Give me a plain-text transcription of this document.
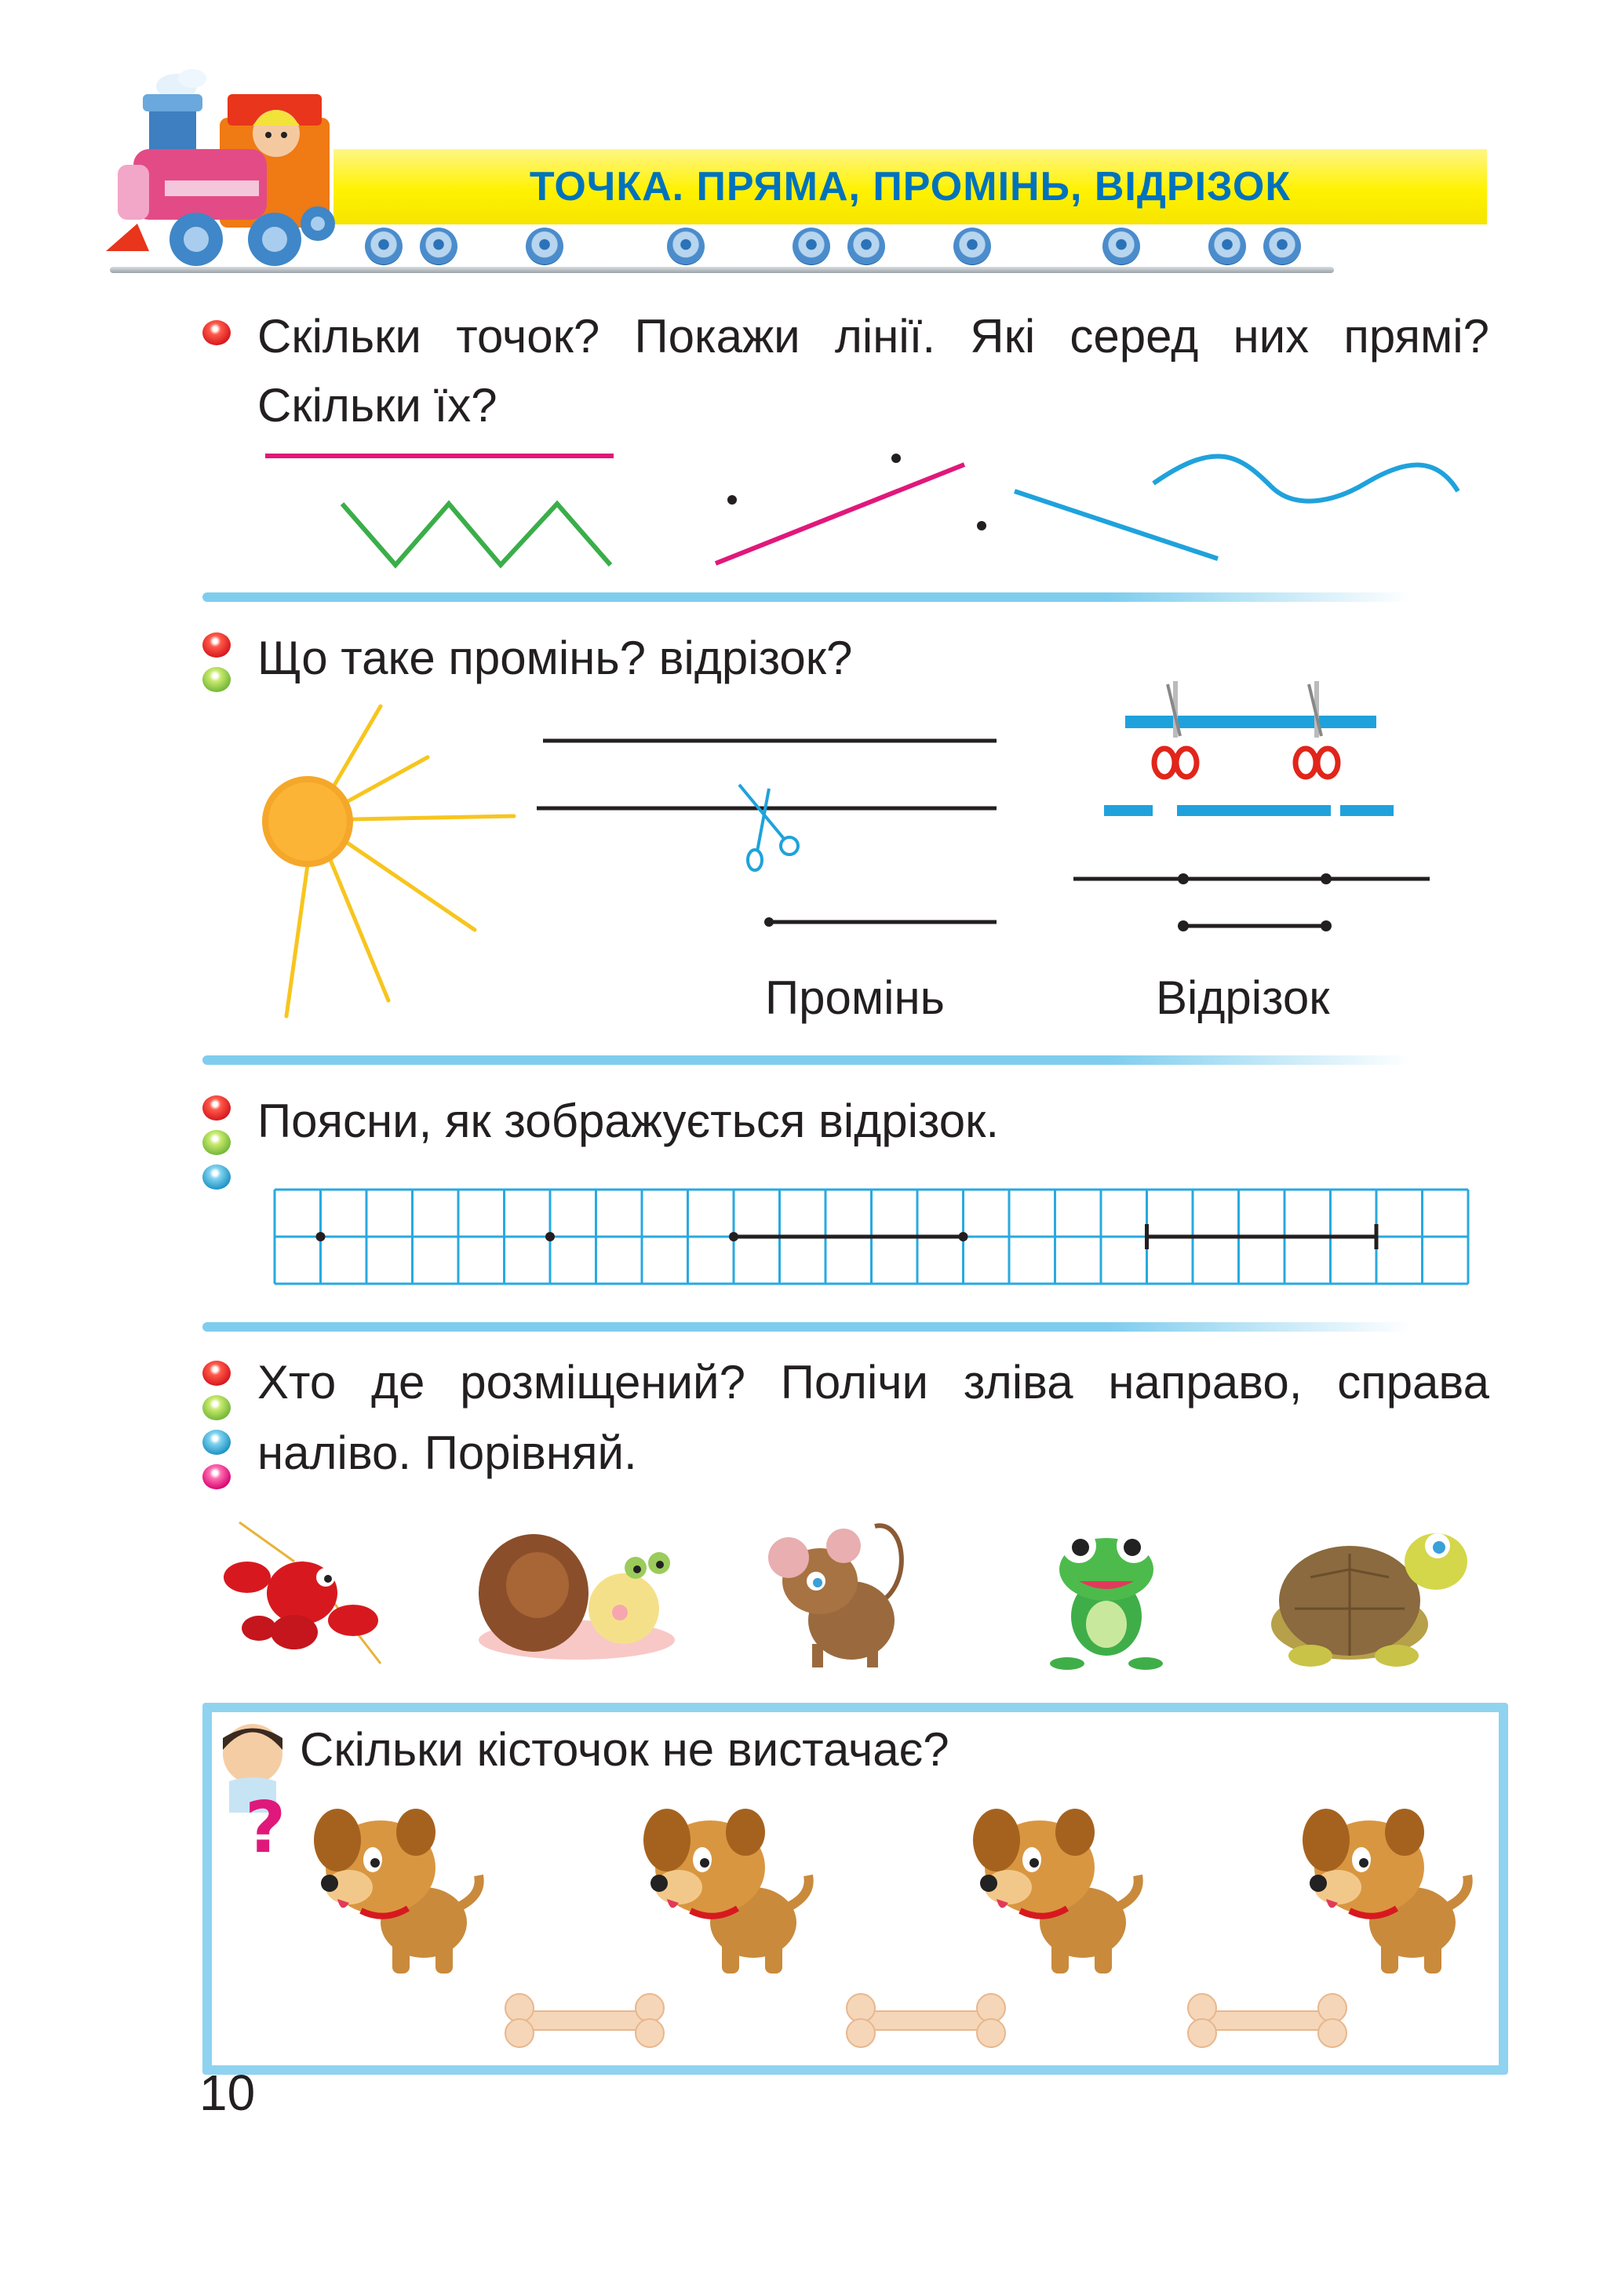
ТОЧКА. ПРЯМА, ПРОМІНЬ, ВІДРІЗОК
Скільки точок? Покажи лінії. Які серед них прямі?
Скільки їх?
Що таке промінь? відрізок?
Промінь	Відрізок
Поясни, як зображується відрізок.
Хто де розміщений? Полічи зліва направо, справа
наліво. Порівняй.
?
Скільки кісточок не вистачає?
10
